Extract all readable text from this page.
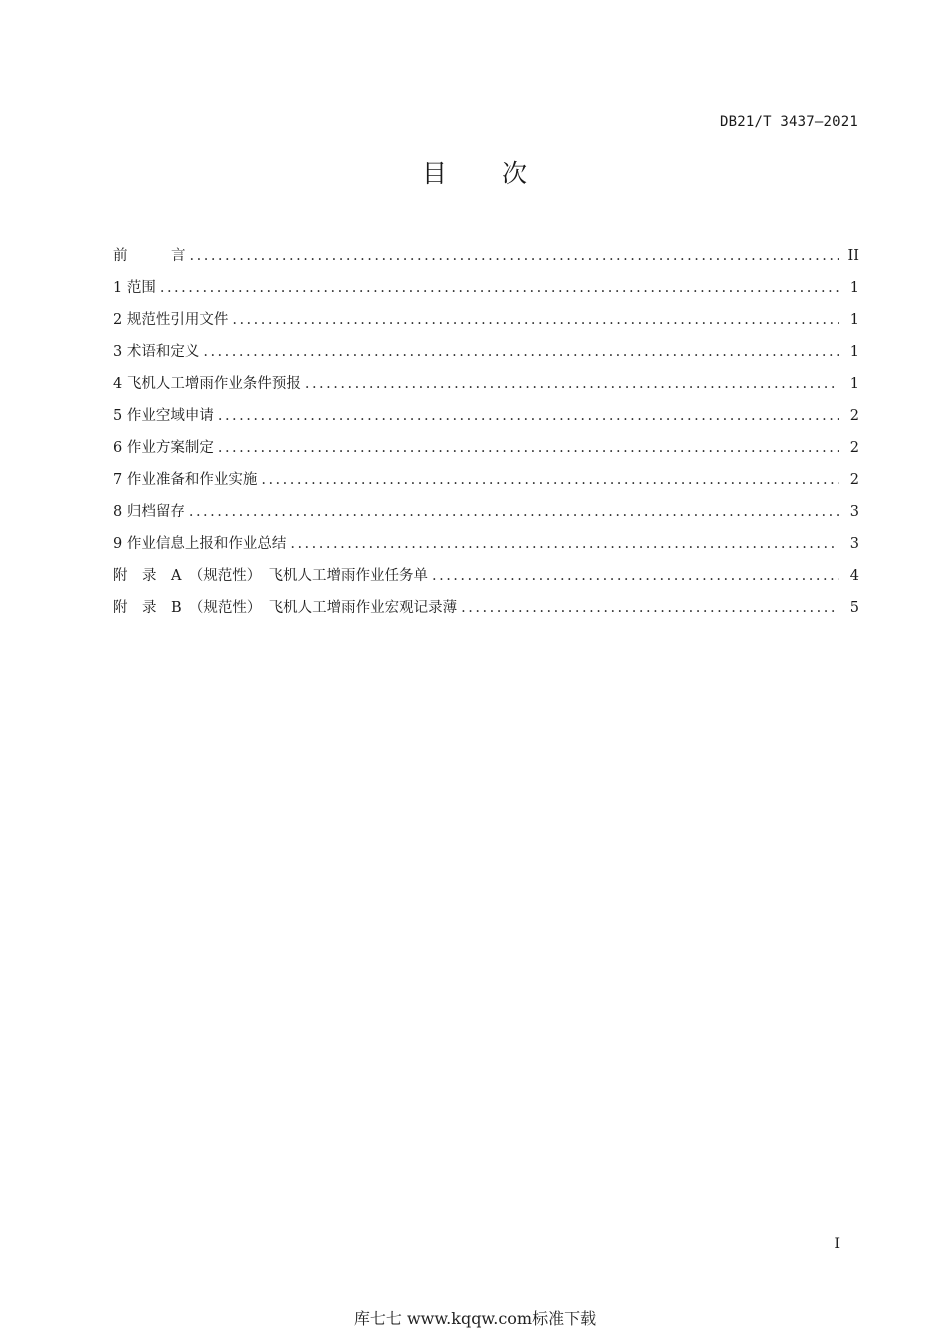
DB21/T 3437—2021
目 次
前　　　言 .....	II
1 范围 .....	1
2 规范性引用文件 .....	1
3 术语和定义 .....	1
4 飞机人工增雨作业条件预报 .....	1
5 作业空域申请 .....	2
6 作业方案制定 .....	2
7 作业准备和作业实施 .....	2
8 归档留存 .....	3
9 作业信息上报和作业总结 .....	3
附　录　A　（规范性）　飞机人工增雨作业任务单 .....	4
附　录　B　（规范性）　飞机人工增雨作业宏观记录薄 .....	5
I
库七七 www.kqqw.com标准下载
